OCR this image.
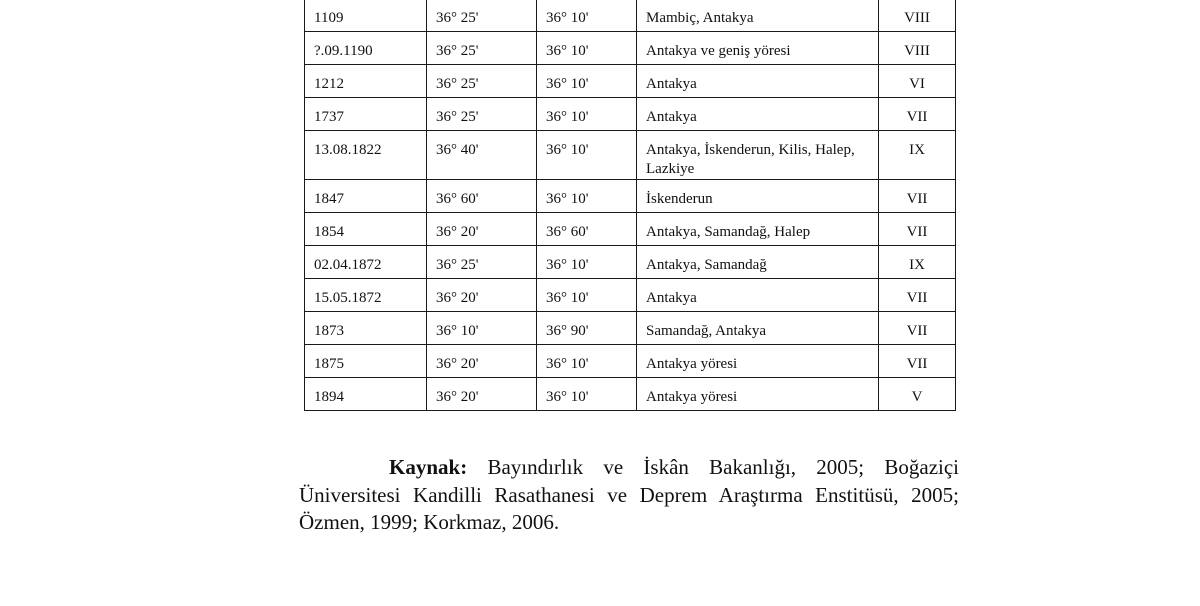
1109	36° 25'	36° 10'	Mambiç, Antakya	VIII

?.09.1190	36° 25'	36° 10'	Antakya ve geniş yöresi	VIII

1212	36° 25'	36° 10'	Antakya	VI

1737	36° 25'	36° 10'	Antakya	VII

13.08.1822	36° 40'	36° 10'	Antakya, İskenderun, Kilis, Halep, Lazkiye	IX

1847	36° 60'	36° 10'	İskenderun	VII

1854	36° 20'	36° 60'	Antakya, Samandağ, Halep	VII

02.04.1872	36° 25'	36° 10'	Antakya, Samandağ	IX

15.05.1872	36° 20'	36° 10'	Antakya	VII

1873	36° 10'	36° 90'	Samandağ, Antakya	VII

1875	36° 20'	36° 10'	Antakya yöresi	VII

1894	36° 20'	36° 10'	Antakya yöresi	V

Kaynak: Bayındırlık ve İskân Bakanlığı, 2005; Boğaziçi Üniversitesi Kandilli Rasathanesi ve Deprem Araştırma Enstitüsü, 2005; Özmen, 1999; Korkmaz, 2006.
